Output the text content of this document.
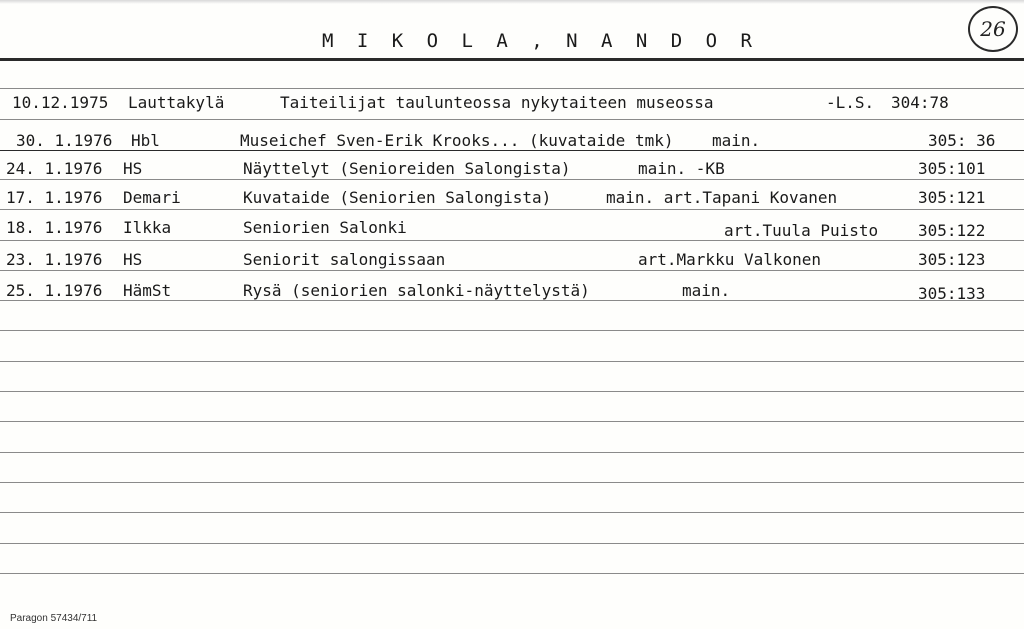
M I K O L A , N A N D O R	26
10.12.1975 Lauttakylä	Taiteilijat taulunteossa nykytaiteen museossa	-L.S. 304:78
30. 1.1976 Hbl	Museichef Sven-Erik Krooks... (kuvataide tmk) main.	305: 36
24. 1.1976 HS	Näyttelyt (Senioreiden Salongista)	main. -KB	305:101
17. 1.1976 Demari	Kuvataide (Seniorien Salongista)	main. art.Tapani Kovanen	305:121
18. 1.1976 Ilkka	Seniorien Salonki	art.Tuula Puisto 305:122
23. 1.1976 HS	Seniorit salongissaan	art.Markku Valkonen	305:123
25. 1.1976 HämSt	Rysä (seniorien salonki-näyttelystä)	main.	305:133
Paragon 57434/711
